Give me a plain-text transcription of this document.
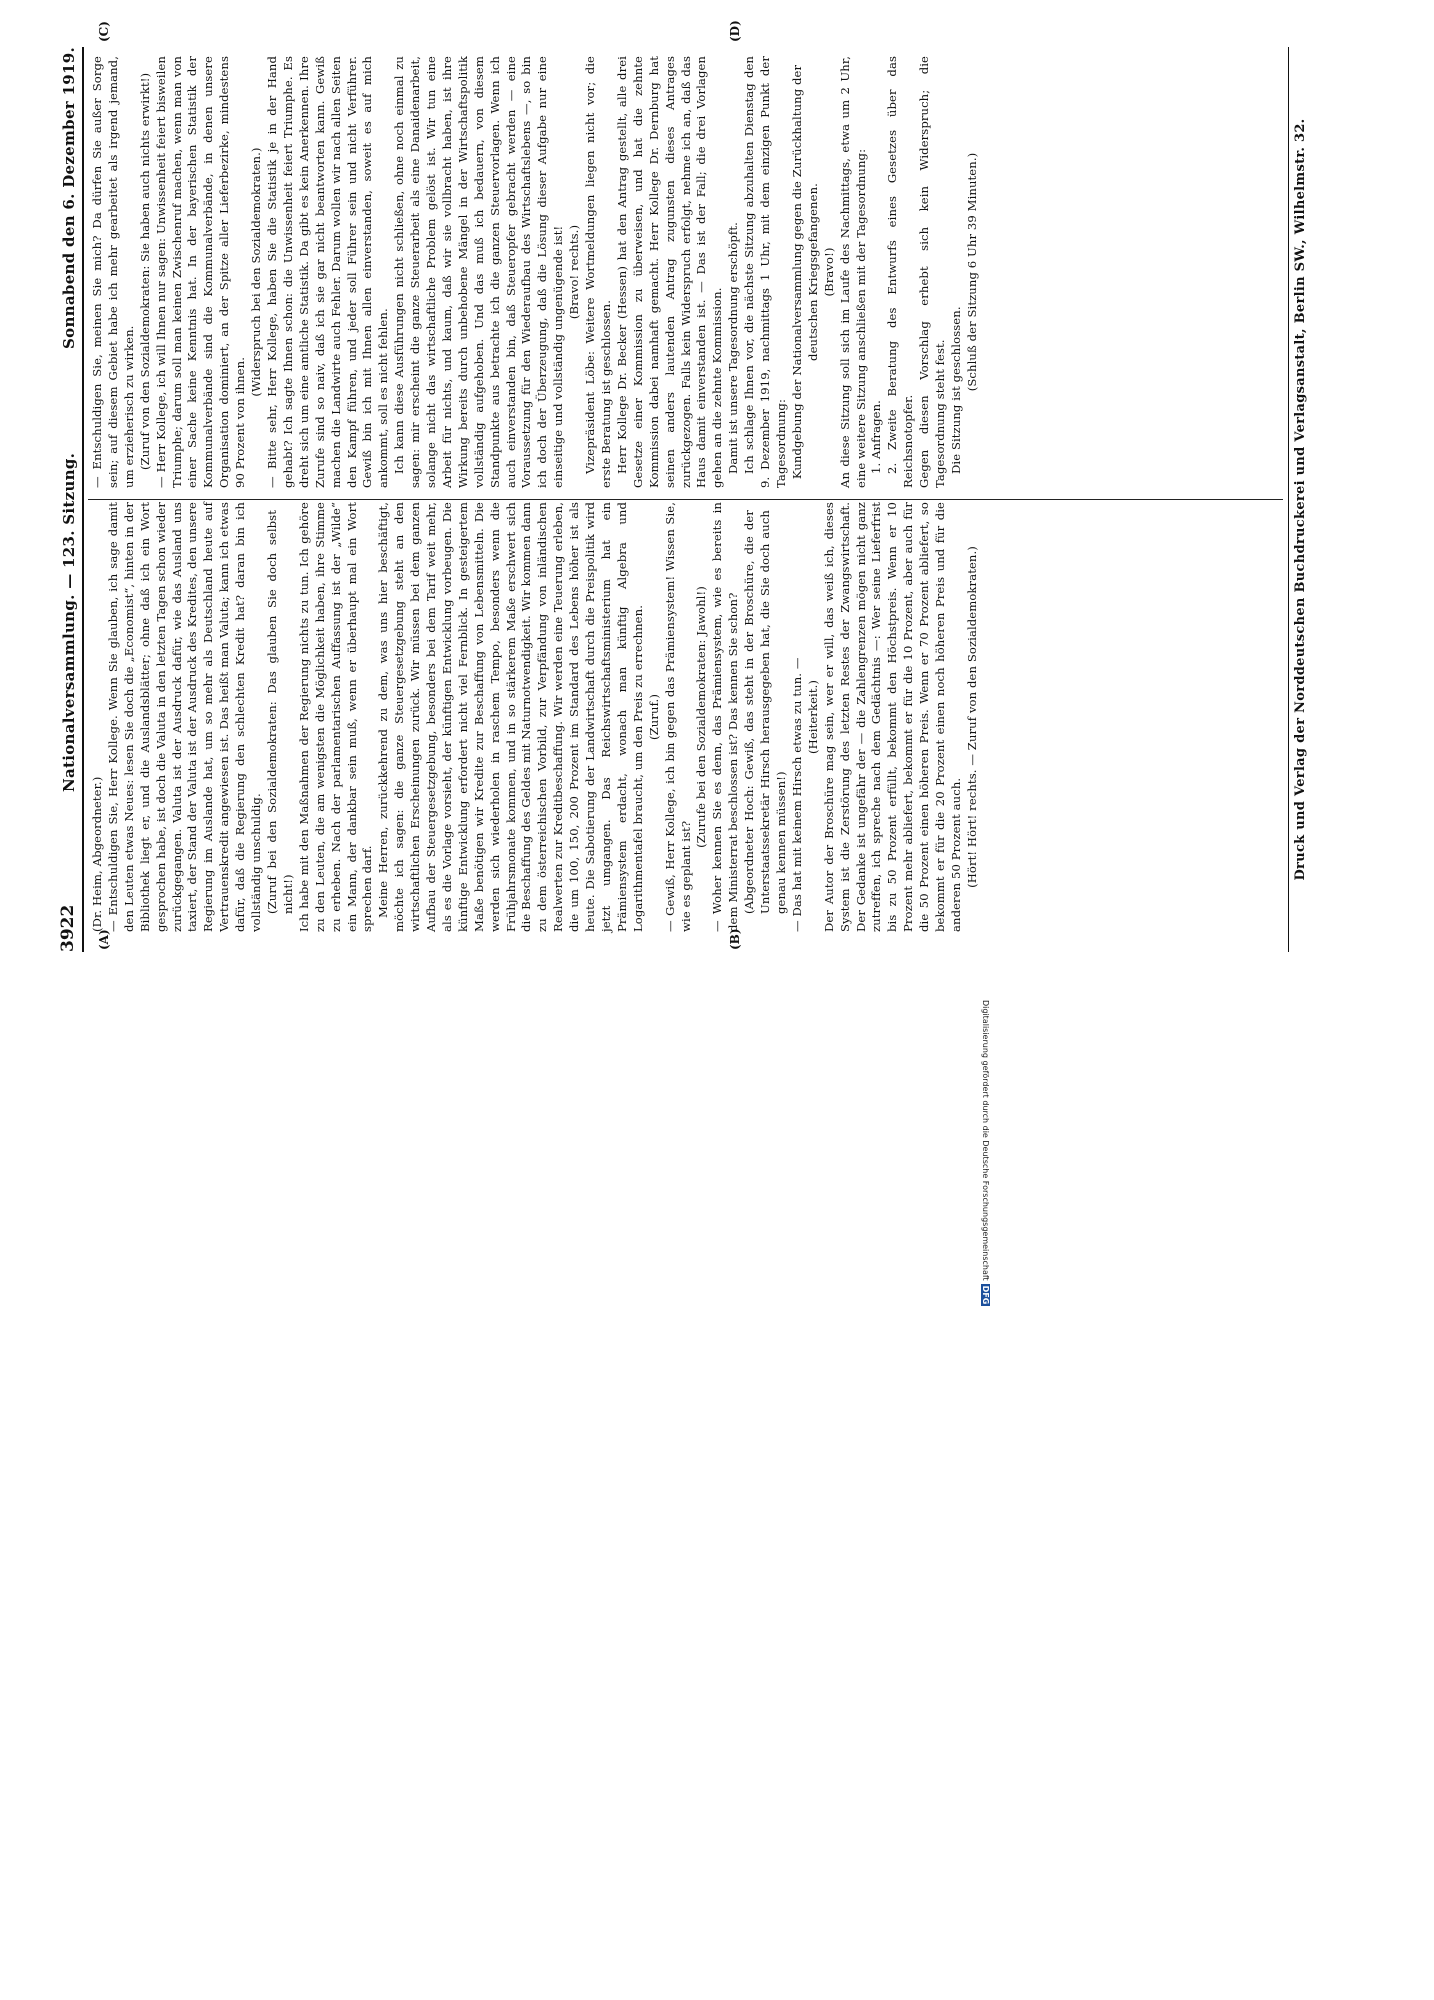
3922
Nationalversammlung. — 123. Sitzung.
Sonnabend den 6. Dezember 1919.
(A)	(B)
(C)	(D)

(Dr. Heim, Abgeordneter.) — Entschuldigen Sie, Herr Kollege. Wenn Sie glauben, ich sage damit den Leuten etwas Neues: lesen Sie doch die „Economist“, hinten in der Bibliothek liegt er, und die Auslandsblätter; ohne daß ich ein Wort gesprochen habe, ist doch die Valuta in den letzten Tagen schon wieder zurückgegangen. Valuta ist der Ausdruck dafür, wie das Ausland uns taxiert, der Stand der Valuta ist der Ausdruck des Kredites, den unsere Regierung im Auslande hat, um so mehr als Deutschland heute auf Vertrauenskredit angewiesen ist. Das heißt man Valuta; kann ich etwas dafür, daß die Regierung den schlechten Kredit hat? daran bin ich vollständig unschuldig. (Zuruf bei den Sozialdemokraten: Das glauben Sie doch selbst nicht!) Ich habe mit den Maßnahmen der Regierung nichts zu tun. Ich gehöre zu den Leuten, die am wenigsten die Möglichkeit haben, ihre Stimme zu erheben. Nach der parlamentarischen Auffassung ist der „Wilde“ ein Mann, der dankbar sein muß, wenn er überhaupt mal ein Wort sprechen darf. Meine Herren, zurückkehrend zu dem, was uns hier beschäftigt, möchte ich sagen: die ganze Steuergesetzgebung steht an den wirtschaftlichen Erscheinungen zurück. Wir müssen bei dem ganzen Aufbau der Steuergesetzgebung, besonders bei dem Tarif weit mehr, als es die Vorlage vorsieht, der künftigen Entwicklung vorbeugen. Die künftige Entwicklung erfordert nicht viel Fernblick. In gesteigertem Maße benötigen wir Kredite zur Beschaffung von Lebensmitteln. Die werden sich wiederholen in raschem Tempo, besonders wenn die Frühjahrsmonate kommen, und in so stärkerem Maße erschwert sich die Beschaffung des Geldes mit Naturnotwendigkeit. Wir kommen dann zu dem österreichischen Vorbild, zur Verpfändung von inländischen Realwerten zur Kreditbeschaffung. Wir werden eine Teuerung erleben, die um 100, 150, 200 Prozent im Standard des Lebens höher ist als heute. Die Sabotierung der Landwirtschaft durch die Preispolitik wird jetzt umgangen. Das Reichswirtschaftsministerium hat ein Prämiensystem erdacht, wonach man künftig Algebra und Logarithmentafel braucht, um den Preis zu errechnen. (Zuruf.) — Gewiß, Herr Kollege, ich bin gegen das Prämiensystem! Wissen Sie, wie es geplant ist?

(Zurufe bei den Sozialdemokraten: Jawohl!) — Woher kennen Sie es denn, das Prämiensystem, wie es bereits in dem Ministerrat beschlossen ist? Das kennen Sie schon? (Abgeordneter Hoch: Gewiß, das steht in der Broschüre, die der Unterstaatssekretär Hirsch herausgegeben hat, die Sie doch auch genau kennen müssen!) — Das hat mit keinem Hirsch etwas zu tun. — (Heiterkeit.) Der Autor der Broschüre mag sein, wer er will, das weiß ich, dieses System ist die Zerstörung des letzten Restes der Zwangswirtschaft. Der Gedanke ist ungefähr der — die Zahlengrenzen mögen nicht ganz zutreffen, ich spreche nach dem Gedächtnis —: Wer seine Lieferfrist bis zu 50 Prozent erfüllt, bekommt den Höchstpreis. Wenn er 10 Prozent mehr abliefert, bekommt er für die 10 Prozent, aber auch für die 50 Prozent einen höheren Preis. Wenn er 70 Prozent abliefert, so bekommt er für die 20 Prozent einen noch höheren Preis und für die anderen 50 Prozent auch. (Hört! Hört! rechts. — Zuruf von den Sozialdemokraten.)

— Entschuldigen Sie, meinen Sie mich? Da dürfen Sie außer Sorge sein; auf diesem Gebiet habe ich mehr gearbeitet als irgend jemand, um erzieherisch zu wirken. (Zuruf von den Sozialdemokraten: Sie haben auch nichts erwirkt!) — Herr Kollege, ich will Ihnen nur sagen: Unwissenheit feiert bisweilen Triumphe; darum soll man keinen Zwischenruf machen, wenn man von einer Sache keine Kenntnis hat. In der bayerischen Statistik der Kommunalverbände sind die Kommunalverbände, in denen unsere Organisation dominiert, an der Spitze aller Lieferbezirke, mindestens 90 Prozent von ihnen.

(Widerspruch bei den Sozialdemokraten.) — Bitte sehr, Herr Kollege, haben Sie die Statistik je in der Hand gehabt? Ich sagte Ihnen schon: die Unwissenheit feiert Triumphe. Es dreht sich um eine amtliche Statistik. Da gibt es kein Anerkennen. Ihre Zurufe sind so naiv, daß ich sie gar nicht beantworten kann. Gewiß machen die Landwirte auch Fehler. Darum wollen wir nach allen Seiten den Kampf führen, und jeder soll Führer sein und nicht Verführer. Gewiß bin ich mit Ihnen allen einverstanden, soweit es auf mich ankommt, soll es nicht fehlen. Ich kann diese Ausführungen nicht schließen, ohne noch einmal zu sagen: mir erscheint die ganze Steuerarbeit als eine Danaidenarbeit, solange nicht das wirtschaftliche Problem gelöst ist. Wir tun eine Arbeit für nichts, und kaum, daß wir sie vollbracht haben, ist ihre Wirkung bereits durch unbehobene Mängel in der Wirtschaftspolitik vollständig aufgehoben. Und das muß ich bedauern, von diesem Standpunkte aus betrachte ich die ganzen Steuervorlagen. Wenn ich auch einverstanden bin, daß Steueropfer gebracht werden — eine Voraussetzung für den Wiederaufbau des Wirtschaftslebens —, so bin ich doch der Überzeugung, daß die Lösung dieser Aufgabe nur eine einseitige und vollständig ungenügende ist! (Bravo! rechts.) Vizepräsident Löbe: Weitere Wortmeldungen liegen nicht vor; die erste Beratung ist geschlossen. Herr Kollege Dr. Becker (Hessen) hat den Antrag gestellt, alle drei Gesetze einer Kommission zu überweisen, und hat die zehnte Kommission dabei namhaft gemacht. Herr Kollege Dr. Dernburg hat seinen anders lautenden Antrag zugunsten dieses Antrages zurückgezogen. Falls kein Widerspruch erfolgt, nehme ich an, daß das Haus damit einverstanden ist. — Das ist der Fall; die drei Vorlagen gehen an die zehnte Kommission. Damit ist unsere Tagesordnung erschöpft. Ich schlage Ihnen vor, die nächste Sitzung abzuhalten Dienstag den 9. Dezember 1919, nachmittags 1 Uhr, mit dem einzigen Punkt der Tagesordnung: Kundgebung der Nationalversammlung gegen die Zurückhaltung der deutschen Kriegsgefangenen. (Bravo!) An diese Sitzung soll sich im Laufe des Nachmittags, etwa um 2 Uhr, eine weitere Sitzung anschließen mit der Tagesordnung: 1. Anfragen. 2. Zweite Beratung des Entwurfs eines Gesetzes über das Reichsnotopfer. Gegen diesen Vorschlag erhebt sich kein Widerspruch; die Tagesordnung steht fest. Die Sitzung ist geschlossen. (Schluß der Sitzung 6 Uhr 39 Minuten.)	Druck und Verlag der Norddeutschen Buchdruckerei und Verlagsanstalt, Berlin SW., Wilhelmstr. 32.
Digitalisierung gefördert durch die Deutsche ForschungsgemeinschaftDFG
